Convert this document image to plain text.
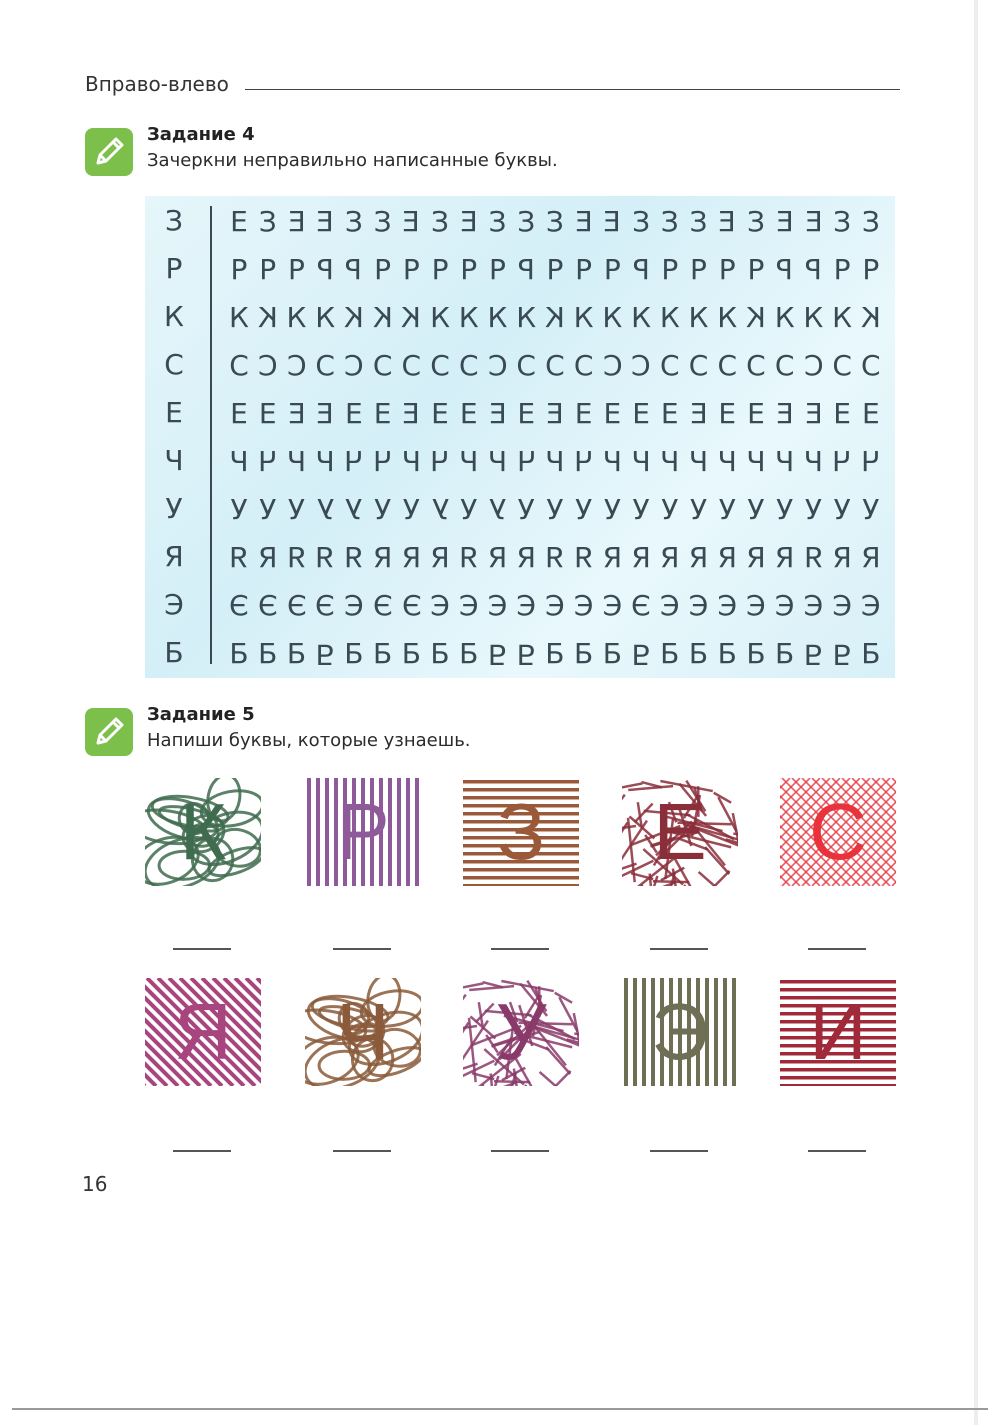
Вправо-влево
Задание 4
Зачеркни неправильно написанные буквы.
З Е З Е Е З З Е З Е З З З Е Е З З З Е З Е Е З З
Р Р Р Р Р Р Р Р Р Р Р Р Р Р Р Р Р Р Р Р Р Р Р Р
К К К К К К К К К К К К К К К К К К К К К К К К
С С С С С С С С С С С С С С С С С С С С С С С С
Е Е Е Е Е Е Е Е Е Е Е Е Е Е Е Е Е Е Е Е Е Е Е Е
Ч Ч Ч Ч Ч Ч Ч Ч Ч Ч Ч Ч Ч Ч Ч Ч Ч Ч Ч Ч Ч Ч Ч Ч
У У У У У У У У У У У У У У У У У У У У У У У У
Я Я Я Я Я Я Я Я Я Я Я Я Я Я Я Я Я Я Я Я Я Я Я Я
Э Э Э Э Э Э Э Э Э Э Э Э Э Э Э Э Э Э Э Э Э Э Э Э
Б Б Б Б Б Б Б Б Б Б Б Б Б Б Б Б Б Б Б Б Б Б Б Б
Задание 5
Напиши буквы, которые узнаешь.
К	Р	З	Е	С
Я	Ч	У	Э	И
16
